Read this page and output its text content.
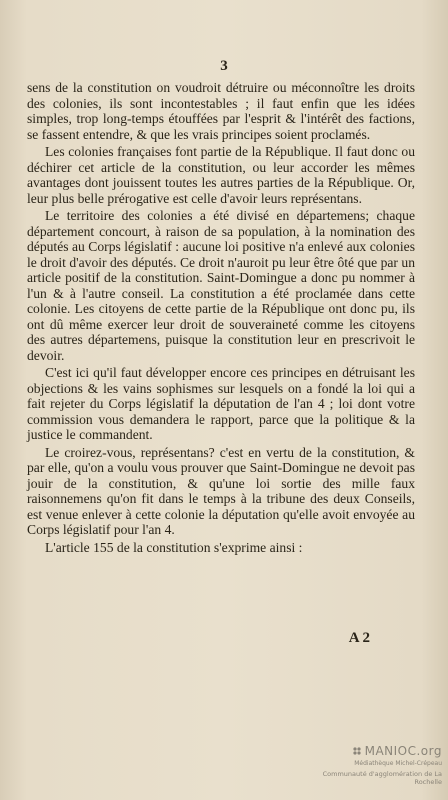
3

sens de la constitution on voudroit détruire ou méconnoître les droits des colonies, ils sont incontestables ; il faut enfin que les idées simples, trop long-temps étouffées par l'esprit & l'intérêt des factions, se fassent entendre, & que les vrais principes soient proclamés.

Les colonies françaises font partie de la République. Il faut donc ou déchirer cet article de la constitution, ou leur accorder les mêmes avantages dont jouissent toutes les autres parties de la République. Or, leur plus belle prérogative est celle d'avoir leurs représentans.

Le territoire des colonies a été divisé en départemens; chaque département concourt, à raison de sa population, à la nomination des députés au Corps législatif : aucune loi positive n'a enlevé aux colonies le droit d'avoir des députés. Ce droit n'auroit pu leur être ôté que par un article positif de la constitution. Saint-Domingue a donc pu nommer à l'un & à l'autre conseil. La constitution a été proclamée dans cette colonie. Les citoyens de cette partie de la République ont donc pu, ils ont dû même exercer leur droit de souveraineté comme les citoyens des autres départemens, puisque la constitution leur en prescrivoit le devoir.

C'est ici qu'il faut développer encore ces principes en détruisant les objections & les vains sophismes sur lesquels on a fondé la loi qui a fait rejeter du Corps législatif la députation de l'an 4 ; loi dont votre commission vous demandera le rapport, parce que la politique & la justice le commandent.

Le croirez-vous, représentans? c'est en vertu de la constitution, & par elle, qu'on a voulu vous prouver que Saint-Domingue ne devoit pas jouir de la constitution, & qu'une loi sortie des mille faux raisonnemens qu'on fit dans le temps à la tribune des deux Conseils, est venue enlever à cette colonie la députation qu'elle avoit envoyée au Corps législatif pour l'an 4.

L'article 155 de la constitution s'exprime ainsi :

A 2
MANIOC.org
Médiathèque Michel-Crépeau
Communauté d'agglomération de La Rochelle
